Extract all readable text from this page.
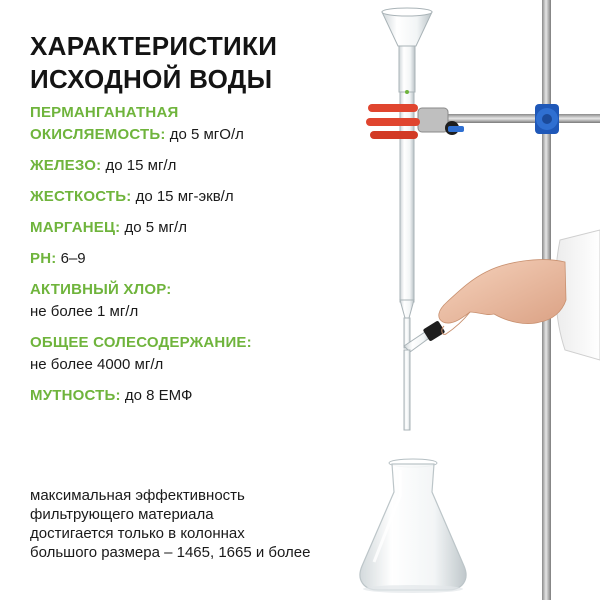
ХАРАКТЕРИСТИКИ
ИСХОДНОЙ ВОДЫ
ПЕРМАНГАНАТНАЯ
ОКИСЛЯЕМОСТЬ: до 5 мгО/л
ЖЕЛЕЗО: до 15 мг/л
ЖЕСТКОСТЬ: до 15 мг-экв/л
МАРГАНЕЦ: до 5 мг/л
PH: 6–9
АКТИВНЫЙ ХЛОР:
не более 1 мг/л
ОБЩЕЕ СОЛЕСОДЕРЖАНИЕ:
не более 4000 мг/л
МУТНОСТЬ: до 8 ЕМФ
максимальная эффективность
фильтрующего материала
достигается только в колоннах
большого размера – 1465, 1665 и более
